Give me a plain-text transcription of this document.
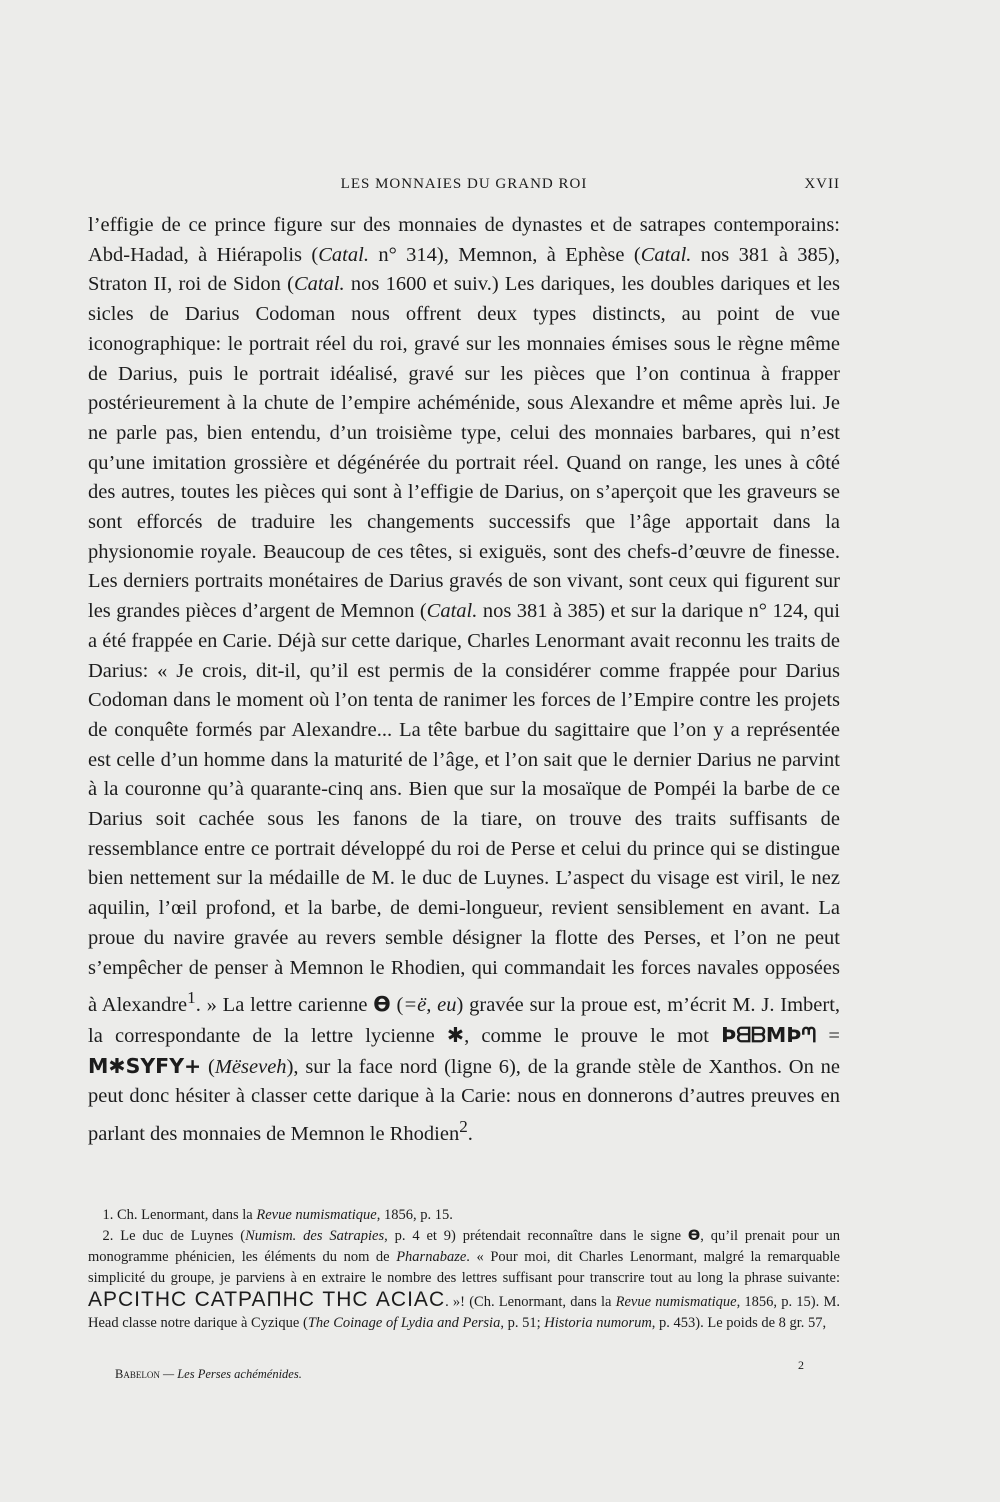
LES MONNAIES DU GRAND ROI	XVII

l’effigie de ce prince figure sur des monnaies de dynastes et de satrapes contemporains: Abd-Hadad, à Hiérapolis (Catal. n° 314), Memnon, à Ephèse (Catal. nos 381 à 385), Straton II, roi de Sidon (Catal. nos 1600 et suiv.) Les dariques, les doubles dariques et les sicles de Darius Codoman nous offrent deux types distincts, au point de vue iconographique: le portrait réel du roi, gravé sur les monnaies émises sous le règne même de Darius, puis le portrait idéalisé, gravé sur les pièces que l’on continua à frapper postérieurement à la chute de l’empire achéménide, sous Alexandre et même après lui. Je ne parle pas, bien entendu, d’un troisième type, celui des monnaies barbares, qui n’est qu’une imitation grossière et dégénérée du portrait réel. Quand on range, les unes à côté des autres, toutes les pièces qui sont à l’effigie de Darius, on s’aperçoit que les graveurs se sont efforcés de traduire les changements successifs que l’âge apportait dans la physionomie royale. Beaucoup de ces têtes, si exiguës, sont des chefs-d’œuvre de finesse. Les derniers portraits monétaires de Darius gravés de son vivant, sont ceux qui figurent sur les grandes pièces d’argent de Memnon (Catal. nos 381 à 385) et sur la darique n° 124, qui a été frappée en Carie. Déjà sur cette darique, Charles Lenormant avait reconnu les traits de Darius: « Je crois, dit-il, qu’il est permis de la considérer comme frappée pour Darius Codoman dans le moment où l’on tenta de ranimer les forces de l’Empire contre les projets de conquête formés par Alexandre... La tête barbue du sagittaire que l’on y a représentée est celle d’un homme dans la maturité de l’âge, et l’on sait que le dernier Darius ne parvint à la couronne qu’à quarante-cinq ans. Bien que sur la mosaïque de Pompéi la barbe de ce Darius soit cachée sous les fanons de la tiare, on trouve des traits suffisants de ressemblance entre ce portrait développé du roi de Perse et celui du prince qui se distingue bien nettement sur la médaille de M. le duc de Luynes. L’aspect du visage est viril, le nez aquilin, l’œil profond, et la barbe, de demi-longueur, revient sensiblement en avant. La proue du navire gravée au revers semble désigner la flotte des Perses, et l’on ne peut s’empêcher de penser à Memnon le Rhodien, qui commandait les forces navales opposées à Alexandre$^1$. » La lettre carienne ϴ (=ë, eu) gravée sur la proue est, m’écrit M. J. Imbert, la correspondante de la lettre lycienne ✱, comme le prouve le mot ϷᗺᗷMϷᘉ = M✱SΥFΥ+ (Mëseveh), sur la face nord (ligne 6), de la grande stèle de Xanthos. On ne peut donc hésiter à classer cette darique à la Carie: nous en donnerons d’autres preuves en parlant des monnaies de Memnon le Rhodien$^2$.

 1. Ch. Lenormant, dans la Revue numismatique, 1856, p. 15.

 2. Le duc de Luynes (Numism. des Satrapies, p. 4 et 9) prétendait reconnaître dans le signe ϴ, qu’il prenait pour un monogramme phénicien, les éléments du nom de Pharnabaze. « Pour moi, dit Charles Lenormant, malgré la remarquable simplicité du groupe, je parviens à en extraire le nombre des lettres suffisant pour transcrire tout au long la phrase suivante: ΑΡCΙΤΗC CΑΤΡΑΠΗC ΤΗC ΑCΙΑC. »! (Ch. Lenormant, dans la Revue numismatique, 1856, p. 15). M. Head classe notre darique à Cyzique (The Coinage of Lydia and Persia, p. 51; Historia numorum, p. 453). Le poids de 8 gr. 57,

Babelon — Les Perses achéménides.
2
